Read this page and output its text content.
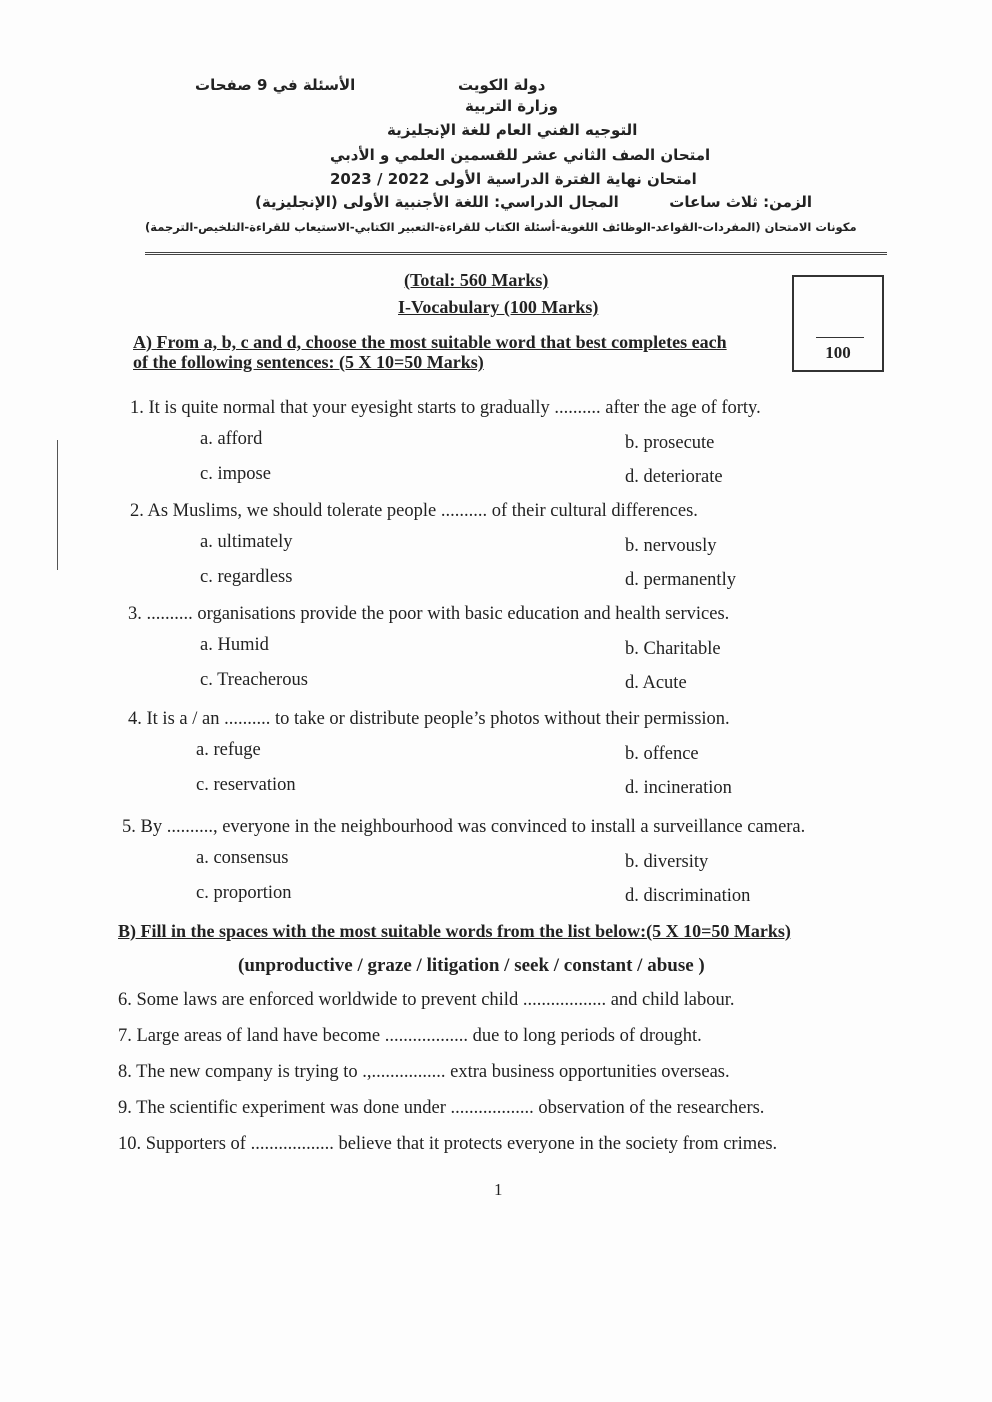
الأسئلة في 9 صفحات	دولة الكويت
وزارة التربية
التوجيه الفني العام للغة الإنجليزية
امتحان الصف الثاني عشر للقسمين العلمي و الأدبي
امتحان نهاية الفترة الدراسية الأولى 2022 / 2023
الزمن: ثلاث ساعات  المجال الدراسي: اللغة الأجنبية الأولى (الإنجليزية)
مكونات الامتحان (المفردات-القواعد-الوظائف اللغوية-أسئلة الكتاب للقراءة-التعبير الكتابي-الاستيعاب للقراءة-التلخيص-الترجمة)
(Total: 560 Marks)
I-Vocabulary (100 Marks)
100
A) From a, b, c and d, choose the most suitable word that best completes each
of the following sentences: (5 X 10=50 Marks)
1. It is quite normal that your eyesight starts to gradually .......... after the age of forty.
a. afford	b. prosecute
c. impose	d. deteriorate
2. As Muslims, we should tolerate people .......... of their cultural differences.
a. ultimately	b. nervously
c. regardless	d. permanently
3. .......... organisations provide the poor with basic education and health services.
a. Humid	b. Charitable
c. Treacherous	d. Acute
4. It is a / an .......... to take or distribute people’s photos without their permission.
a. refuge	b. offence
c. reservation	d. incineration
5. By .........., everyone in the neighbourhood was convinced to install a surveillance camera.
a. consensus	b. diversity
c. proportion	d. discrimination
B) Fill in the spaces with the most suitable words from the list below:(5 X 10=50 Marks)
(unproductive / graze / litigation / seek / constant / abuse )
6. Some laws are enforced worldwide to prevent child .................. and child labour.
7. Large areas of land have become .................. due to long periods of drought.
8. The new company is trying to .,................ extra business opportunities overseas.
9. The scientific experiment was done under .................. observation of the researchers.
10. Supporters of .................. believe that it protects everyone in the society from crimes.
1
